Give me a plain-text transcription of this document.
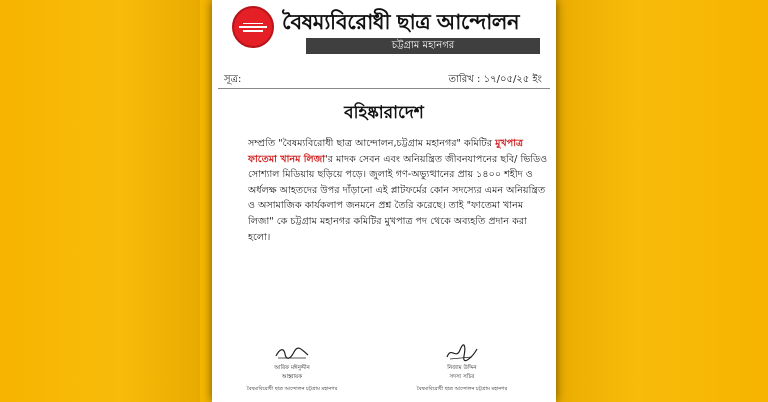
বৈষম্যবিরোধী ছাত্র আন্দোলন
চট্টগ্রাম মহানগর
সূত্র:	তারিখ : ১৭/০৫/২৫ ইং
বহিষ্কারাদেশ
সম্প্রতি "বৈষম্যবিরোধী ছাত্র আন্দোলন,চট্টগ্রাম মহানগর" কমিটির মুখপাত্র ফাতেমা খানম লিজা'র মাদক সেবন এবং অনিয়ন্ত্রিত জীবনযাপনের ছবি/ ভিডিও সোশ্যাল মিডিয়ায় ছড়িয়ে পড়ে। জুলাই গণ-অভ্যুত্থানের প্রায় ১৪০০ শহীদ ও অর্ধলক্ষ আহতদের উপর দাঁড়ানো এই প্লাটফর্মের কোন সদস্যের এমন অনিয়ন্ত্রিত ও অসামাজিক কার্যকলাপ জনমনে প্রশ্ন তৈরি করেছে। তাই "ফাতেমা খানম লিজা" কে চট্টগ্রাম মহানগর কমিটির মুখপাত্র পদ থেকে অব্যহতি প্রদান করা হলো।
আরিফ মঈনুদ্দীন
আহ্বায়ক
বৈষম্যবিরোধী ছাত্র আন্দোলন চট্টগ্রাম মহানগর
নিজাম উদ্দিন
সদস্য সচিব
বৈষম্যবিরোধী ছাত্র আন্দোলন চট্টগ্রাম মহানগর
